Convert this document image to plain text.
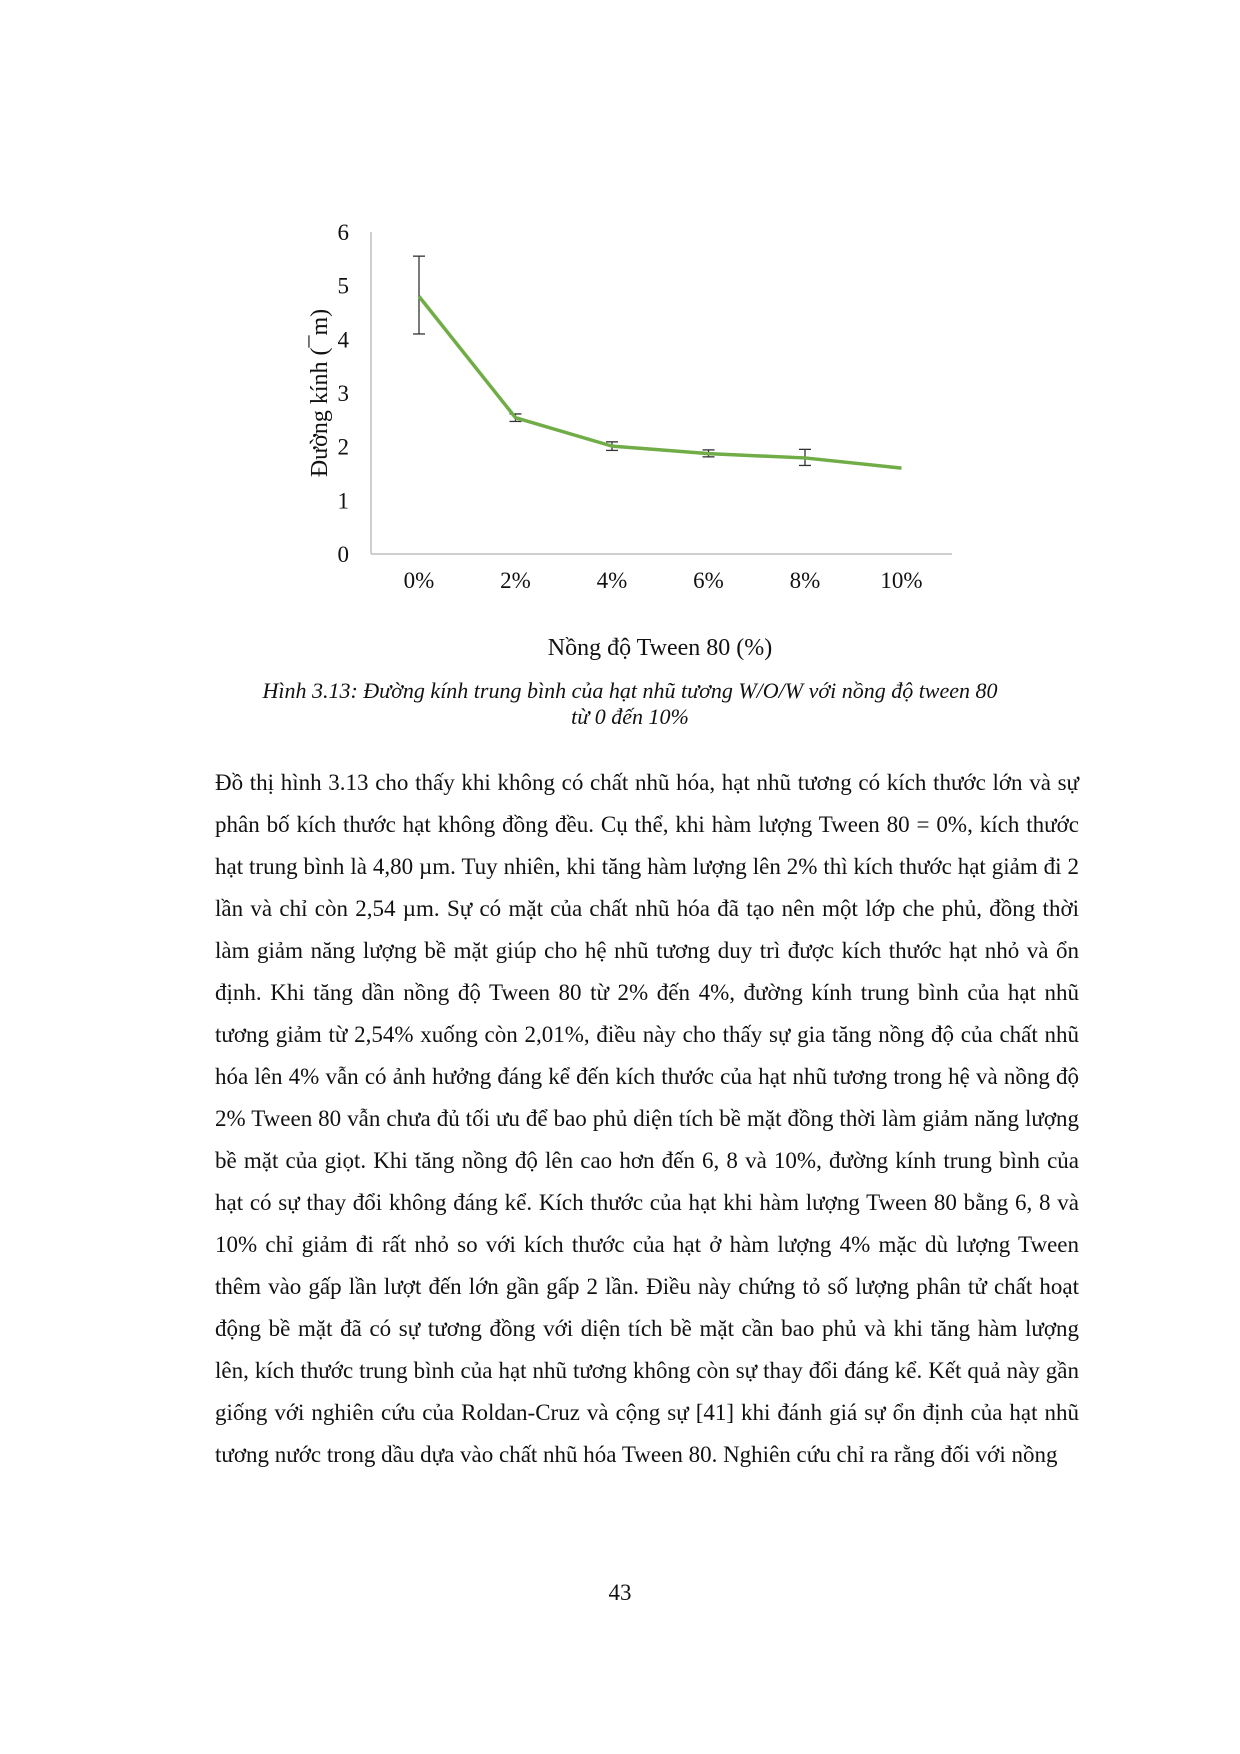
0
1
2
3
4
5
6
0%	2%	4%	6%	8%	10%
Đường kính (¯m)
Nồng độ Tween 80 (%)
Hình 3.13: Đường kính trung bình của hạt nhũ tương W/O/W với nồng độ tween 80
từ 0 đến 10%

Đồ thị hình 3.13 cho thấy khi không có chất nhũ hóa, hạt nhũ tương có kích thước lớn và sự phân bố kích thước hạt không đồng đều. Cụ thể, khi hàm lượng Tween 80 = 0%, kích thước hạt trung bình là 4,80 µm. Tuy nhiên, khi tăng hàm lượng lên 2% thì kích thước hạt giảm đi 2 lần và chỉ còn 2,54 µm. Sự có mặt của chất nhũ hóa đã tạo nên một lớp che phủ, đồng thời làm giảm năng lượng bề mặt giúp cho hệ nhũ tương duy trì được kích thước hạt nhỏ và ổn định. Khi tăng dần nồng độ Tween 80 từ 2% đến 4%, đường kính trung bình của hạt nhũ tương giảm từ 2,54% xuống còn 2,01%, điều này cho thấy sự gia tăng nồng độ của chất nhũ hóa lên 4% vẫn có ảnh hưởng đáng kể đến kích thước của hạt nhũ tương trong hệ và nồng độ 2% Tween 80 vẫn chưa đủ tối ưu để bao phủ diện tích bề mặt đồng thời làm giảm năng lượng bề mặt của giọt. Khi tăng nồng độ lên cao hơn đến 6, 8 và 10%, đường kính trung bình của hạt có sự thay đổi không đáng kể. Kích thước của hạt khi hàm lượng Tween 80 bằng 6, 8 và 10% chỉ giảm đi rất nhỏ so với kích thước của hạt ở hàm lượng 4% mặc dù lượng Tween thêm vào gấp lần lượt đến lớn gần gấp 2 lần. Điều này chứng tỏ số lượng phân tử chất hoạt động bề mặt đã có sự tương đồng với diện tích bề mặt cần bao phủ và khi tăng hàm lượng lên, kích thước trung bình của hạt nhũ tương không còn sự thay đổi đáng kể. Kết quả này gần giống với nghiên cứu của Roldan-Cruz và cộng sự [41] khi đánh giá sự ổn định của hạt nhũ tương nước trong dầu dựa vào chất nhũ hóa Tween 80. Nghiên cứu chỉ ra rằng đối với nồng

43
